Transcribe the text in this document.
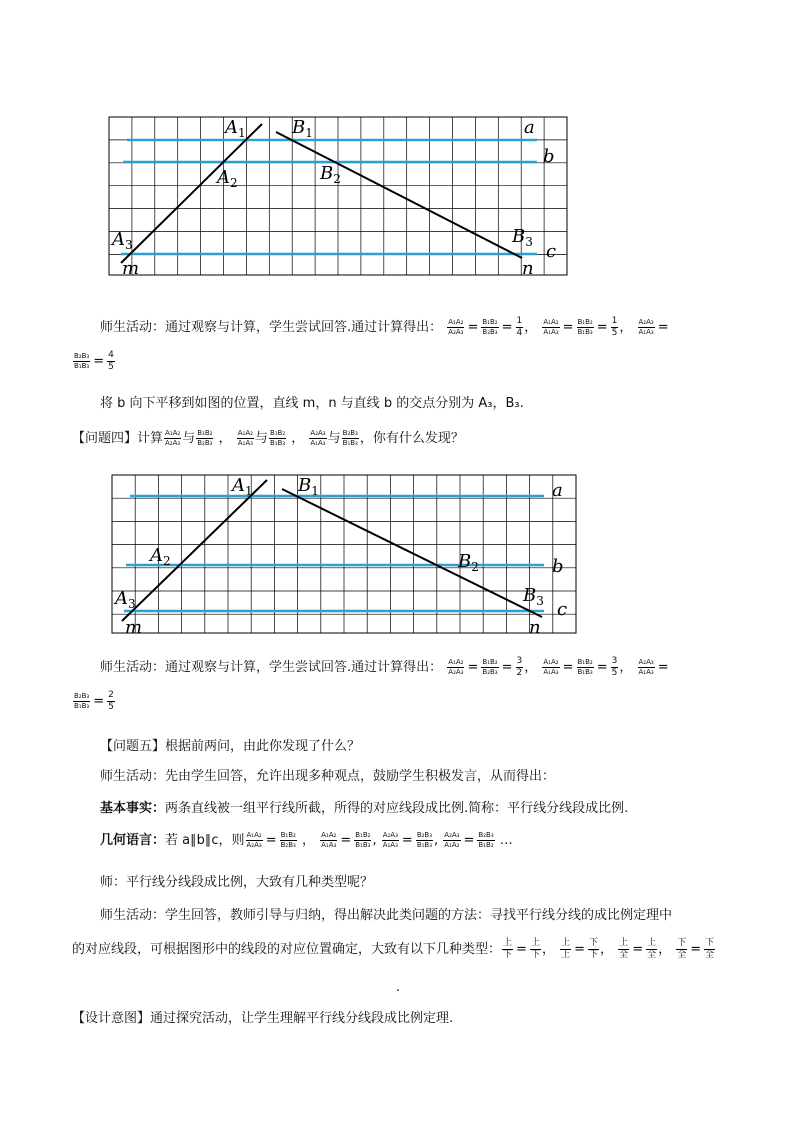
$A_1$	$B_1$
$A_2$	$B_2$
$A_3$	$B_3$
a
b
c
m	n
师生活动：通过观察与计算，学生尝试回答.通过计算得出： $\frac{\text{A₁A₂}}{\text{A₂A₃}} = \frac{\text{B₁B₂}}{\text{B₂B₃}} = \frac{1}{4}$ ， $\frac{\text{A₁A₂}}{\text{A₁A₃}} = \frac{\text{B₁B₂}}{\text{B₁B₃}} = \frac{1}{5}$ ， $\frac{\text{A₂A₃}}{\text{A₁A₃}}$ =
$\frac{\text{B₂B₃}}{\text{B₁B₃}} = \frac{4}{5}$
将 b 向下平移到如图的位置，直线 m，n 与直线 b 的交点分别为 A₃，B₃.
【问题四】计算 $\frac{\text{A₁A₂}}{\text{A₂A₃}}$ 与 $\frac{\text{B₁B₂}}{\text{B₂B₃}}$ ， $\frac{\text{A₁A₂}}{\text{A₁A₃}}$ 与 $\frac{\text{B₁B₂}}{\text{B₁B₃}}$ ， $\frac{\text{A₂A₃}}{\text{A₁A₃}}$ 与 $\frac{\text{B₂B₃}}{\text{B₁B₃}}$ ，你有什么发现？
$A_1$	$B_1$
$A_2$	$B_2$
$A_3$	$B_3$
a
b
c
m	n
师生活动：通过观察与计算，学生尝试回答.通过计算得出： $\frac{\text{A₁A₂}}{\text{A₂A₃}} = \frac{\text{B₁B₂}}{\text{B₂B₃}} = \frac{3}{2}$ ， $\frac{\text{A₁A₂}}{\text{A₁A₃}} = \frac{\text{B₁B₂}}{\text{B₁B₃}} = \frac{3}{5}$ ， $\frac{\text{A₂A₃}}{\text{A₁A₃}}$ =
$\frac{\text{B₂B₃}}{\text{B₁B₃}} = \frac{2}{5}$
【问题五】根据前两问，由此你发现了什么？
师生活动：先由学生回答，允许出现多种观点，鼓励学生积极发言，从而得出：
基本事实：两条直线被一组平行线所截，所得的对应线段成比例.简称：平行线分线段成比例.
几何语言：若 a∥b∥c，则 $\frac{\text{A₁A₂}}{\text{A₂A₃}} = \frac{\text{B₁B₂}}{\text{B₂B₃}}$ ， $\frac{\text{A₁A₂}}{\text{A₁A₃}} = \frac{\text{B₁B₂}}{\text{B₁B₃}}$ , $\frac{\text{A₂A₃}}{\text{A₁A₃}} = \frac{\text{B₂B₃}}{\text{B₁B₃}}$ , $\frac{\text{A₂A₃}}{\text{A₁A₂}} = \frac{\text{B₂B₃}}{\text{B₁B₂}}$ …
师：平行线分线段成比例，大致有几种类型呢？
师生活动：学生回答，教师引导与归纳，得出解决此类问题的方法：寻找平行线分线的成比例定理中
的对应线段，可根据图形中的线段的对应位置确定，大致有以下几种类型： $\frac{\text{上}}{\text{下}} = \frac{\text{上}}{\text{下}}$ ， $\frac{\text{上}}{\text{上}} = \frac{\text{下}}{\text{下}}$ ， $\frac{\text{上}}{\text{全}} = \frac{\text{上}}{\text{全}}$ ， $\frac{\text{下}}{\text{全}} = \frac{\text{下}}{\text{全}}$
.
【设计意图】通过探究活动，让学生理解平行线分线段成比例定理.
